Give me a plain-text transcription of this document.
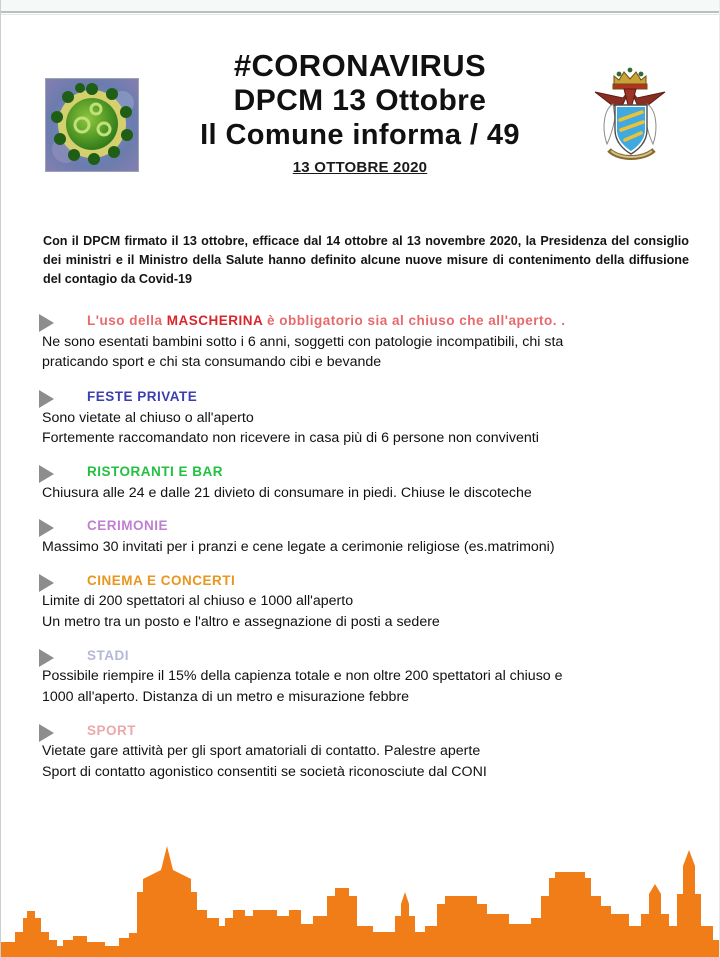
#CORONAVIRUS
DPCM 13 Ottobre
Il Comune informa / 49
13 OTTOBRE 2020
Con il DPCM firmato il 13 ottobre, efficace dal 14 ottobre al 13 novembre 2020, la Presidenza del consiglio dei ministri e il Ministro della Salute hanno definito alcune nuove misure di contenimento della diffusione del contagio da Covid-19
L'uso della MASCHERINA è obbligatorio sia al chiuso che all'aperto. .
Ne sono esentati bambini sotto i 6 anni, soggetti con patologie incompatibili, chi sta
praticando sport e chi sta consumando cibi e bevande
FESTE PRIVATE
Sono vietate al chiuso o all'aperto
Fortemente raccomandato non ricevere in casa più di 6 persone non conviventi
RISTORANTI E BAR
Chiusura alle 24 e dalle 21 divieto di consumare in piedi. Chiuse le discoteche
CERIMONIE
Massimo 30 invitati per i pranzi e cene legate a cerimonie religiose (es.matrimoni)
CINEMA E CONCERTI
Limite di 200 spettatori al chiuso e 1000 all'aperto
Un metro tra un posto e l'altro e assegnazione di posti a sedere
STADI
Possibile riempire il 15% della capienza totale e non oltre 200 spettatori al chiuso e
1000 all'aperto. Distanza di un metro e misurazione febbre
SPORT
Vietate gare attività per gli sport amatoriali di contatto. Palestre aperte
Sport di contatto agonistico consentiti se società riconosciute dal CONI
